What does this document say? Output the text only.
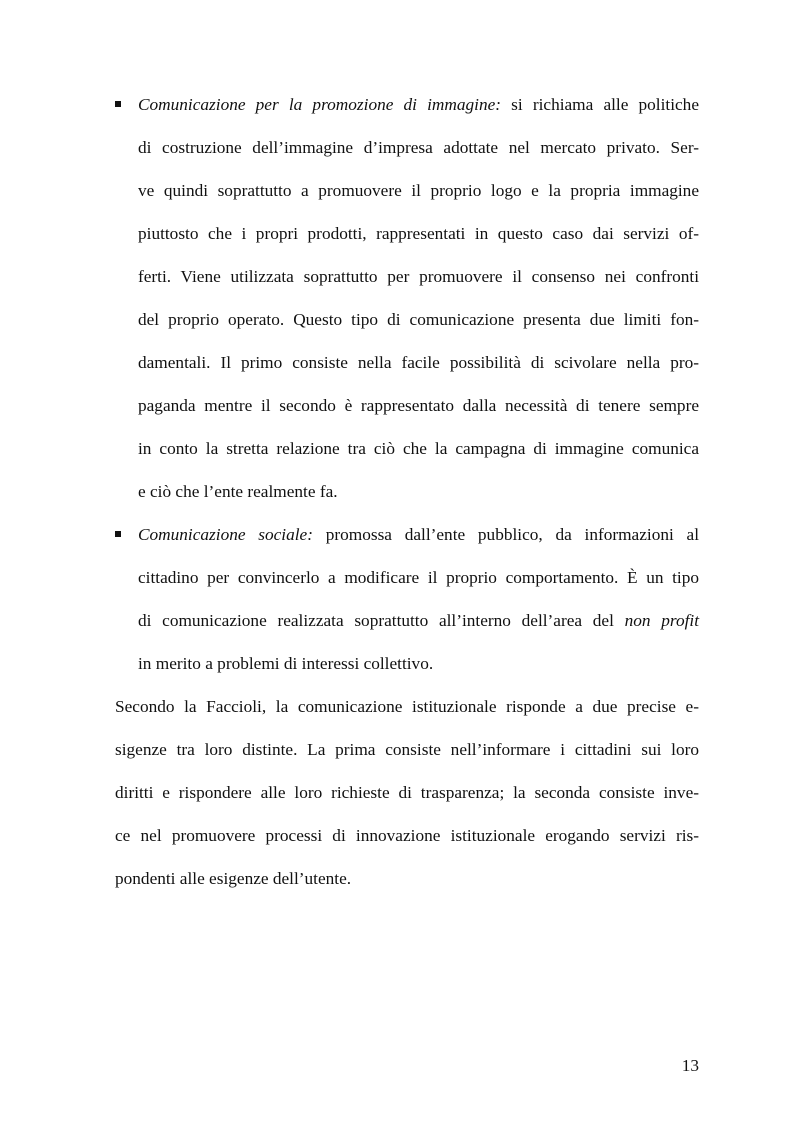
Comunicazione per la promozione di immagine: si richiama alle politiche
di costruzione dell’immagine d’impresa adottate nel mercato privato. Ser-
ve quindi soprattutto a promuovere il proprio logo e la propria immagine
piuttosto che i propri prodotti, rappresentati in questo caso dai servizi of-
ferti. Viene utilizzata soprattutto per promuovere il consenso nei confronti
del proprio operato. Questo tipo di comunicazione presenta due limiti fon-
damentali. Il primo consiste nella facile possibilità di scivolare nella pro-
paganda mentre il secondo è rappresentato dalla necessità di tenere sempre
in conto la stretta relazione tra ciò che la campagna di immagine comunica
e ciò che l’ente realmente fa.
Comunicazione sociale: promossa dall’ente pubblico, da informazioni al
cittadino per convincerlo a modificare il proprio comportamento. È un tipo
di comunicazione realizzata soprattutto all’interno dell’area del non profit
in merito a problemi di interessi collettivo.
Secondo la Faccioli, la comunicazione istituzionale risponde a due precise e-
sigenze tra loro distinte. La prima consiste nell’informare i cittadini sui loro
diritti e rispondere alle loro richieste di trasparenza; la seconda consiste inve-
ce nel promuovere processi di innovazione istituzionale erogando servizi ris-
pondenti alle esigenze dell’utente.
13
